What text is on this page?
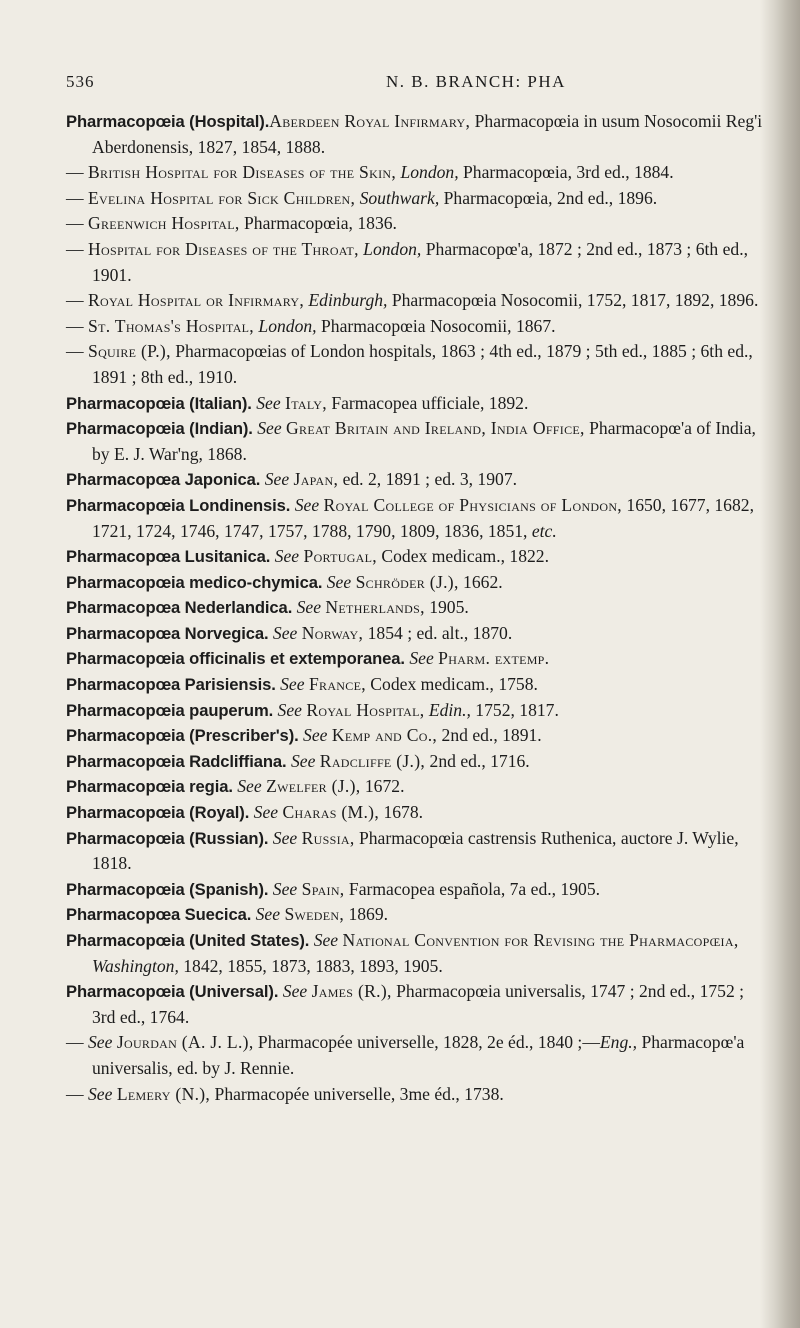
536	N. B. BRANCH: PHA

Pharmacopœia (Hospital).Aberdeen Royal Infirmary, Pharmacopœia in usum Nosocomii Reg'i Aberdonensis, 1827, 1854, 1888.

— British Hospital for Diseases of the Skin, London, Pharmacopœia, 3rd ed., 1884.

— Evelina Hospital for Sick Children, Southwark, Pharmacopœia, 2nd ed., 1896.

— Greenwich Hospital, Pharmacopœia, 1836.

— Hospital for Diseases of the Throat, London, Pharmacopœ'a, 1872 ; 2nd ed., 1873 ; 6th ed., 1901.

— Royal Hospital or Infirmary, Edinburgh, Pharmacopœia Nosocomii, 1752, 1817, 1892, 1896.

— St. Thomas's Hospital, London, Pharmacopœia Nosocomii, 1867.

— Squire (P.), Pharmacopœias of London hospitals, 1863 ; 4th ed., 1879 ; 5th ed., 1885 ; 6th ed., 1891 ; 8th ed., 1910.

Pharmacopœia (Italian). See Italy, Farmacopea ufficiale, 1892.

Pharmacopœia (Indian). See Great Britain and Ireland, India Office, Pharmacopœ'a of India, by E. J. War'ng, 1868.

Pharmacopœa Japonica. See Japan, ed. 2, 1891 ; ed. 3, 1907.

Pharmacopœia Londinensis. See Royal College of Physicians of London, 1650, 1677, 1682, 1721, 1724, 1746, 1747, 1757, 1788, 1790, 1809, 1836, 1851, etc.

Pharmacopœa Lusitanica. See Portugal, Codex medicam., 1822.

Pharmacopœia medico-chymica. See Schröder (J.), 1662.

Pharmacopœa Nederlandica. See Netherlands, 1905.

Pharmacopœa Norvegica. See Norway, 1854 ; ed. alt., 1870.

Pharmacopœia officinalis et extemporanea. See Pharm. extemp.

Pharmacopœa Parisiensis. See France, Codex medicam., 1758.

Pharmacopœia pauperum. See Royal Hospital, Edin., 1752, 1817.

Pharmacopœia (Prescriber's). See Kemp and Co., 2nd ed., 1891.

Pharmacopœia Radcliffiana. See Radcliffe (J.), 2nd ed., 1716.

Pharmacopœia regia. See Zwelfer (J.), 1672.

Pharmacopœia (Royal). See Charas (M.), 1678.

Pharmacopœia (Russian). See Russia, Pharmacopœia castrensis Ruthenica, auctore J. Wylie, 1818.

Pharmacopœia (Spanish). See Spain, Farmacopea española, 7a ed., 1905.

Pharmacopœa Suecica. See Sweden, 1869.

Pharmacopœia (United States). See National Convention for Revising the Pharmacopœia, Washington, 1842, 1855, 1873, 1883, 1893, 1905.

Pharmacopœia (Universal). See James (R.), Pharmacopœia universalis, 1747 ; 2nd ed., 1752 ; 3rd ed., 1764.

— See Jourdan (A. J. L.), Pharmacopée universelle, 1828, 2e éd., 1840 ;—Eng., Pharmacopœ'a universalis, ed. by J. Rennie.

— See Lemery (N.), Pharmacopée universelle, 3me éd., 1738.
